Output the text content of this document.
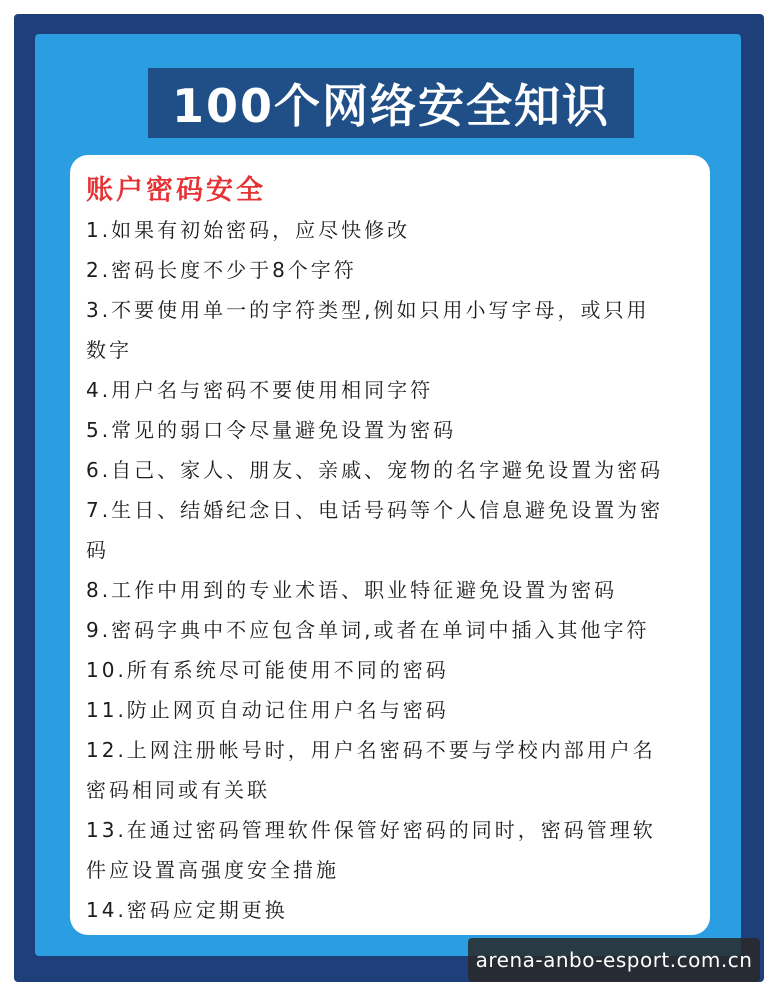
100个网络安全知识
账户密码安全
1.如果有初始密码，应尽快修改
2.密码长度不少于8个字符
3.不要使用单一的字符类型,例如只用小写字母，或只用
数字
4.用户名与密码不要使用相同字符
5.常见的弱口令尽量避免设置为密码
6.自己、家人、朋友、亲戚、宠物的名字避免设置为密码
7.生日、结婚纪念日、电话号码等个人信息避免设置为密
码
8.工作中用到的专业术语、职业特征避免设置为密码
9.密码字典中不应包含单词,或者在单词中插入其他字符
10.所有系统尽可能使用不同的密码
11.防止网页自动记住用户名与密码
12.上网注册帐号时，用户名密码不要与学校内部用户名
密码相同或有关联
13.在通过密码管理软件保管好密码的同时，密码管理软
件应设置高强度安全措施
14.密码应定期更换
arena-anbo-esport.com.cn
